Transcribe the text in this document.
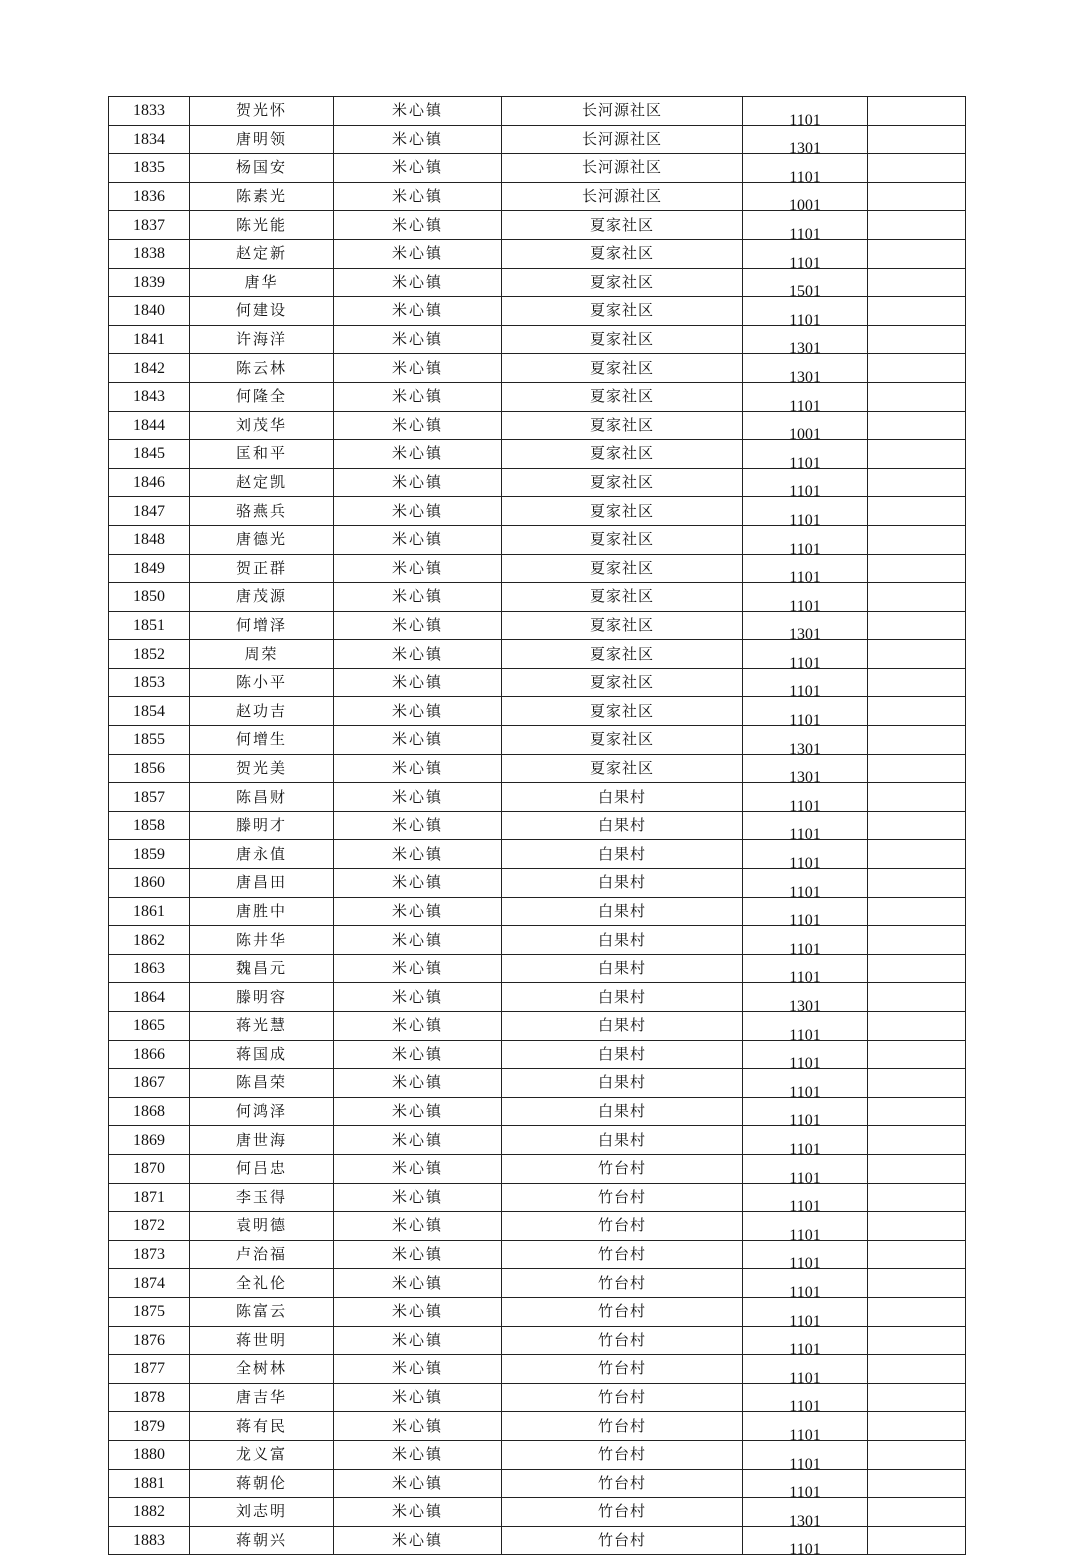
1833	贺光怀	米心镇	长河源社区	1101	
1834	唐明领	米心镇	长河源社区	1301	
1835	杨国安	米心镇	长河源社区	1101	
1836	陈素光	米心镇	长河源社区	1001	
1837	陈光能	米心镇	夏家社区	1101	
1838	赵定新	米心镇	夏家社区	1101	
1839	唐华	米心镇	夏家社区	1501	
1840	何建设	米心镇	夏家社区	1101	
1841	许海洋	米心镇	夏家社区	1301	
1842	陈云林	米心镇	夏家社区	1301	
1843	何隆全	米心镇	夏家社区	1101	
1844	刘茂华	米心镇	夏家社区	1001	
1845	匡和平	米心镇	夏家社区	1101	
1846	赵定凯	米心镇	夏家社区	1101	
1847	骆燕兵	米心镇	夏家社区	1101	
1848	唐德光	米心镇	夏家社区	1101	
1849	贺正群	米心镇	夏家社区	1101	
1850	唐茂源	米心镇	夏家社区	1101	
1851	何增泽	米心镇	夏家社区	1301	
1852	周荣	米心镇	夏家社区	1101	
1853	陈小平	米心镇	夏家社区	1101	
1854	赵功吉	米心镇	夏家社区	1101	
1855	何增生	米心镇	夏家社区	1301	
1856	贺光美	米心镇	夏家社区	1301	
1857	陈昌财	米心镇	白果村	1101	
1858	滕明才	米心镇	白果村	1101	
1859	唐永值	米心镇	白果村	1101	
1860	唐昌田	米心镇	白果村	1101	
1861	唐胜中	米心镇	白果村	1101	
1862	陈井华	米心镇	白果村	1101	
1863	魏昌元	米心镇	白果村	1101	
1864	滕明容	米心镇	白果村	1301	
1865	蒋光慧	米心镇	白果村	1101	
1866	蒋国成	米心镇	白果村	1101	
1867	陈昌荣	米心镇	白果村	1101	
1868	何鸿泽	米心镇	白果村	1101	
1869	唐世海	米心镇	白果村	1101	
1870	何吕忠	米心镇	竹台村	1101	
1871	李玉得	米心镇	竹台村	1101	
1872	袁明德	米心镇	竹台村	1101	
1873	卢治福	米心镇	竹台村	1101	
1874	全礼伦	米心镇	竹台村	1101	
1875	陈富云	米心镇	竹台村	1101	
1876	蒋世明	米心镇	竹台村	1101	
1877	全树林	米心镇	竹台村	1101	
1878	唐吉华	米心镇	竹台村	1101	
1879	蒋有民	米心镇	竹台村	1101	
1880	龙义富	米心镇	竹台村	1101	
1881	蒋朝伦	米心镇	竹台村	1101	
1882	刘志明	米心镇	竹台村	1301	
1883	蒋朝兴	米心镇	竹台村	1101	
